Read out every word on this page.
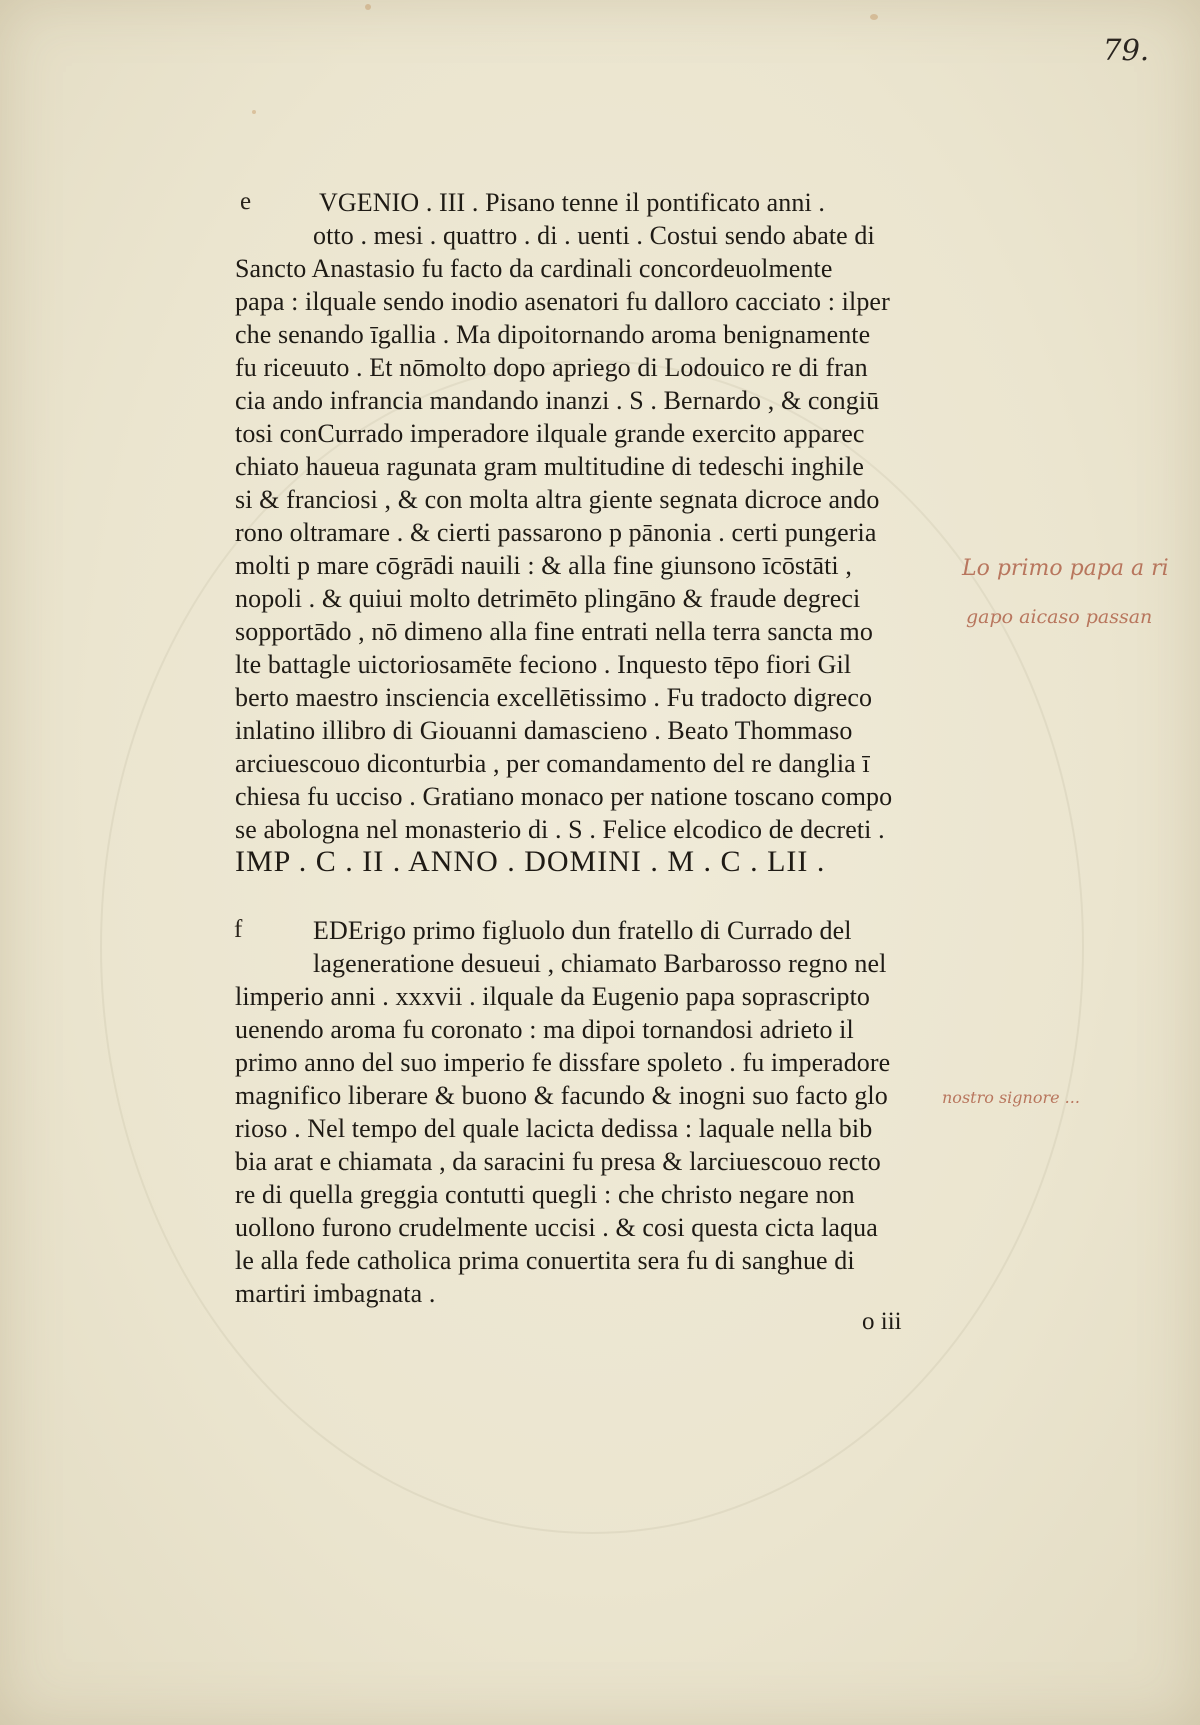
79.
e	VGENIO . III . Pisano tenne il pontificato anni .
otto . mesi . quattro . di . uenti . Costui sendo abate di
Sancto Anastasio fu facto da cardinali concordeuolmente
papa : ilquale sendo inodio asenatori fu dalloro cacciato : ilper
che senando īgallia . Ma dipoitornando aroma benignamente
fu riceuuto . Et nōmolto dopo apriego di Lodouico re di fran
cia ando infrancia mandando inanzi . S . Bernardo , & congiū
tosi conCurrado imperadore ilquale grande exercito apparec
chiato haueua ragunata gram multitudine di tedeschi inghile
si & franciosi , & con molta altra giente segnata dicroce ando
rono oltramare . & cierti passarono p pānonia . certi pungeria
molti p mare cōgrādi nauili : & alla fine giunsono īcōstāti ,
nopoli . & quiui molto detrimēto plingāno & fraude degreci
sopportādo , nō dimeno alla fine entrati nella terra sancta mo
lte battagle uictoriosamēte feciono . Inquesto tēpo fiori Gil
berto maestro insciencia excellētissimo . Fu tradocto digreco
inlatino illibro di Giouanni damascieno . Beato Thommaso
arciuescouo diconturbia , per comandamento del re danglia ī
chiesa fu ucciso . Gratiano monaco per natione toscano compo
se abologna nel monasterio di . S . Felice elcodico de decreti .
IMP . C . II . ANNO . DOMINI . M . C . LII .
f	EDErigo primo figluolo dun fratello di Currado del
lageneratione desueui , chiamato Barbarosso regno nel
limperio anni . xxxvii . ilquale da Eugenio papa soprascripto
uenendo aroma fu coronato : ma dipoi tornandosi adrieto il
primo anno del suo imperio fe dissfare spoleto . fu imperadore
magnifico liberare & buono & facundo & inogni suo facto glo
rioso . Nel tempo del quale lacicta dedissa : laquale nella bib
bia arat e chiamata , da saracini fu presa & larciuescouo recto
re di quella greggia contutti quegli : che christo negare non
uollono furono crudelmente uccisi . & cosi questa cicta laqua
le alla fede catholica prima conuertita sera fu di sanghue di
martiri imbagnata .
o iii
Lo primo papa a ri
gapo aicaso passan
nostro signore ...
